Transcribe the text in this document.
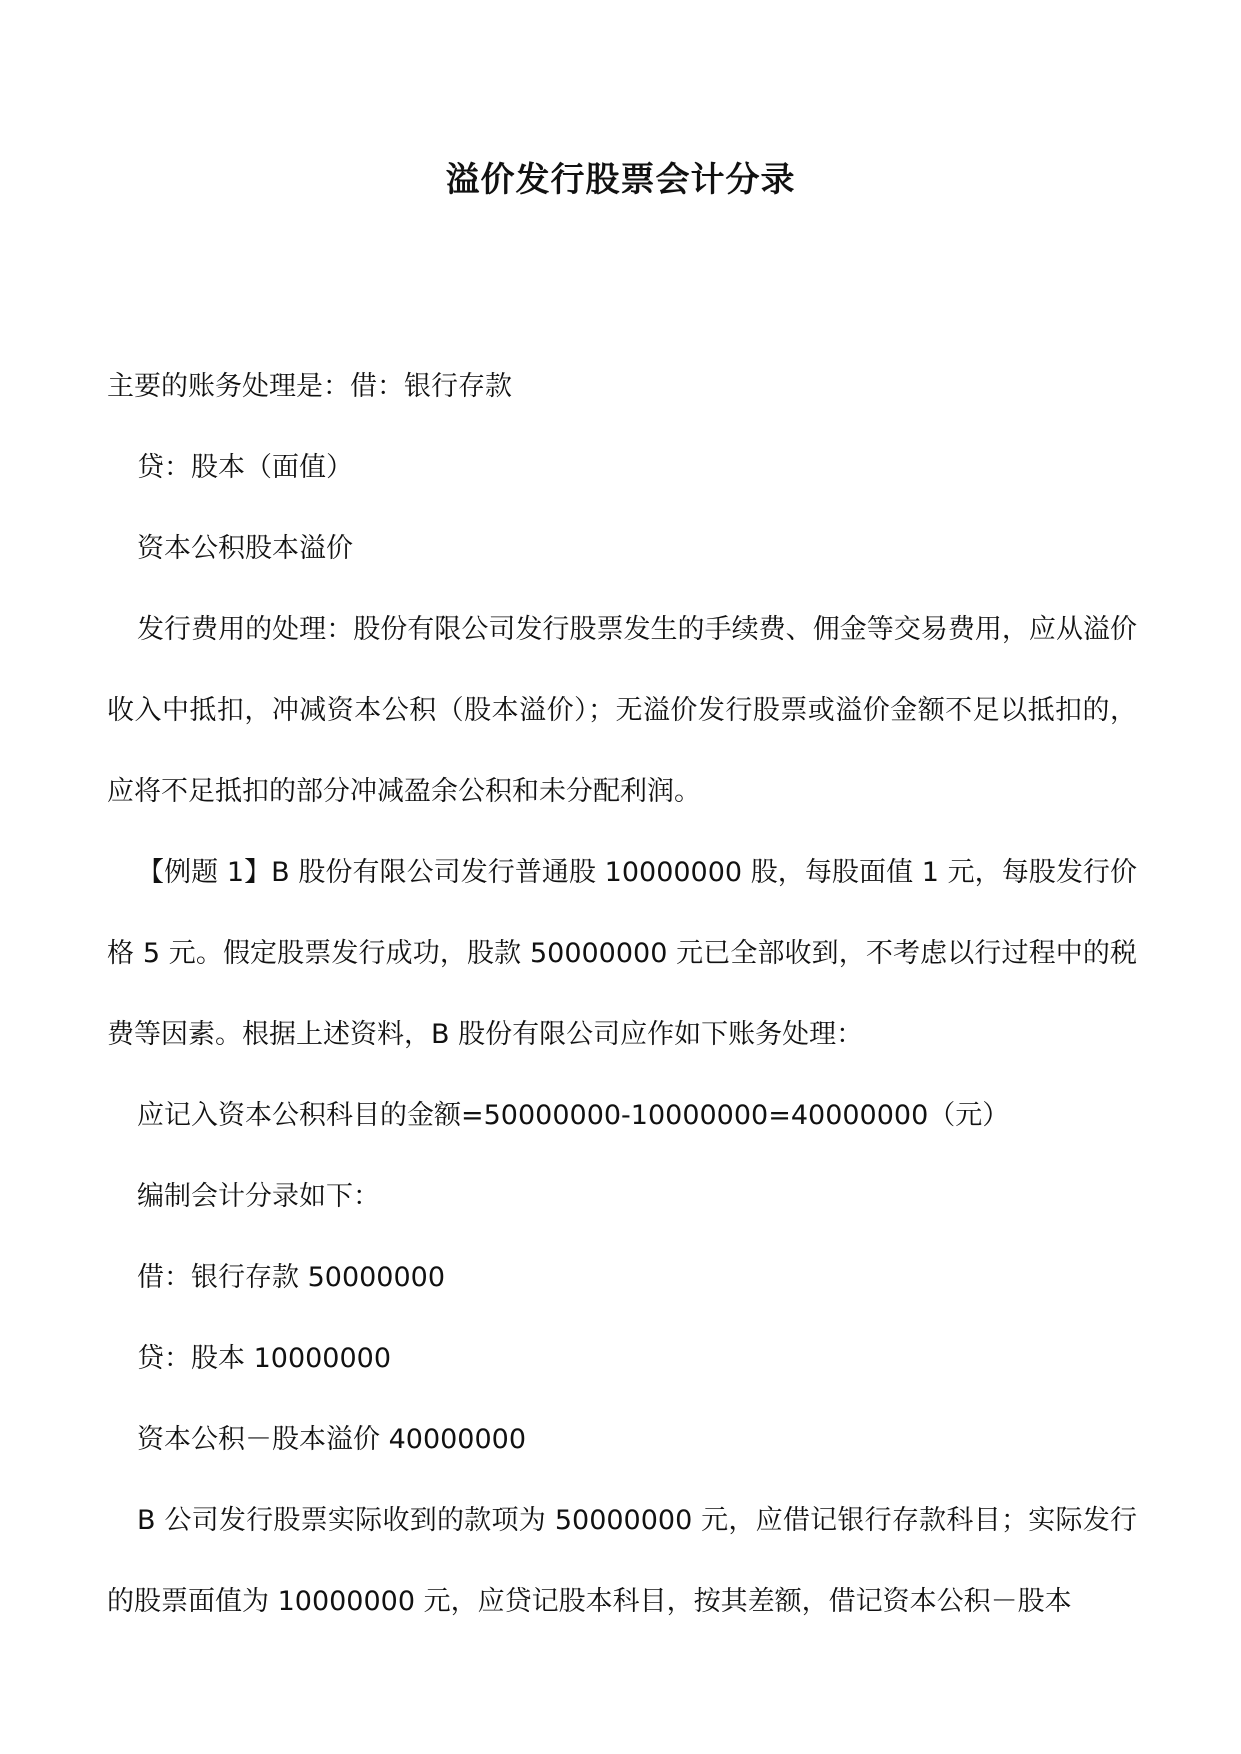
溢价发行股票会计分录

主要的账务处理是：借：银行存款

贷：股本（面值）

资本公积股本溢价

发行费用的处理：股份有限公司发行股票发生的手续费、佣金等交易费用，应从溢价收入中抵扣，冲减资本公积（股本溢价）；无溢价发行股票或溢价金额不足以抵扣的，应将不足抵扣的部分冲减盈余公积和未分配利润。

【例题 1】B 股份有限公司发行普通股 10000000 股，每股面值 1 元，每股发行价格 5 元。假定股票发行成功，股款 50000000 元已全部收到，不考虑以行过程中的税费等因素。根据上述资料，B 股份有限公司应作如下账务处理：

应记入资本公积科目的金额=50000000-10000000=40000000（元）

编制会计分录如下：

借：银行存款 50000000

贷：股本 10000000

资本公积－股本溢价 40000000

B 公司发行股票实际收到的款项为 50000000 元，应借记银行存款科目；实际发行的股票面值为 10000000 元，应贷记股本科目，按其差额，借记资本公积－股本
